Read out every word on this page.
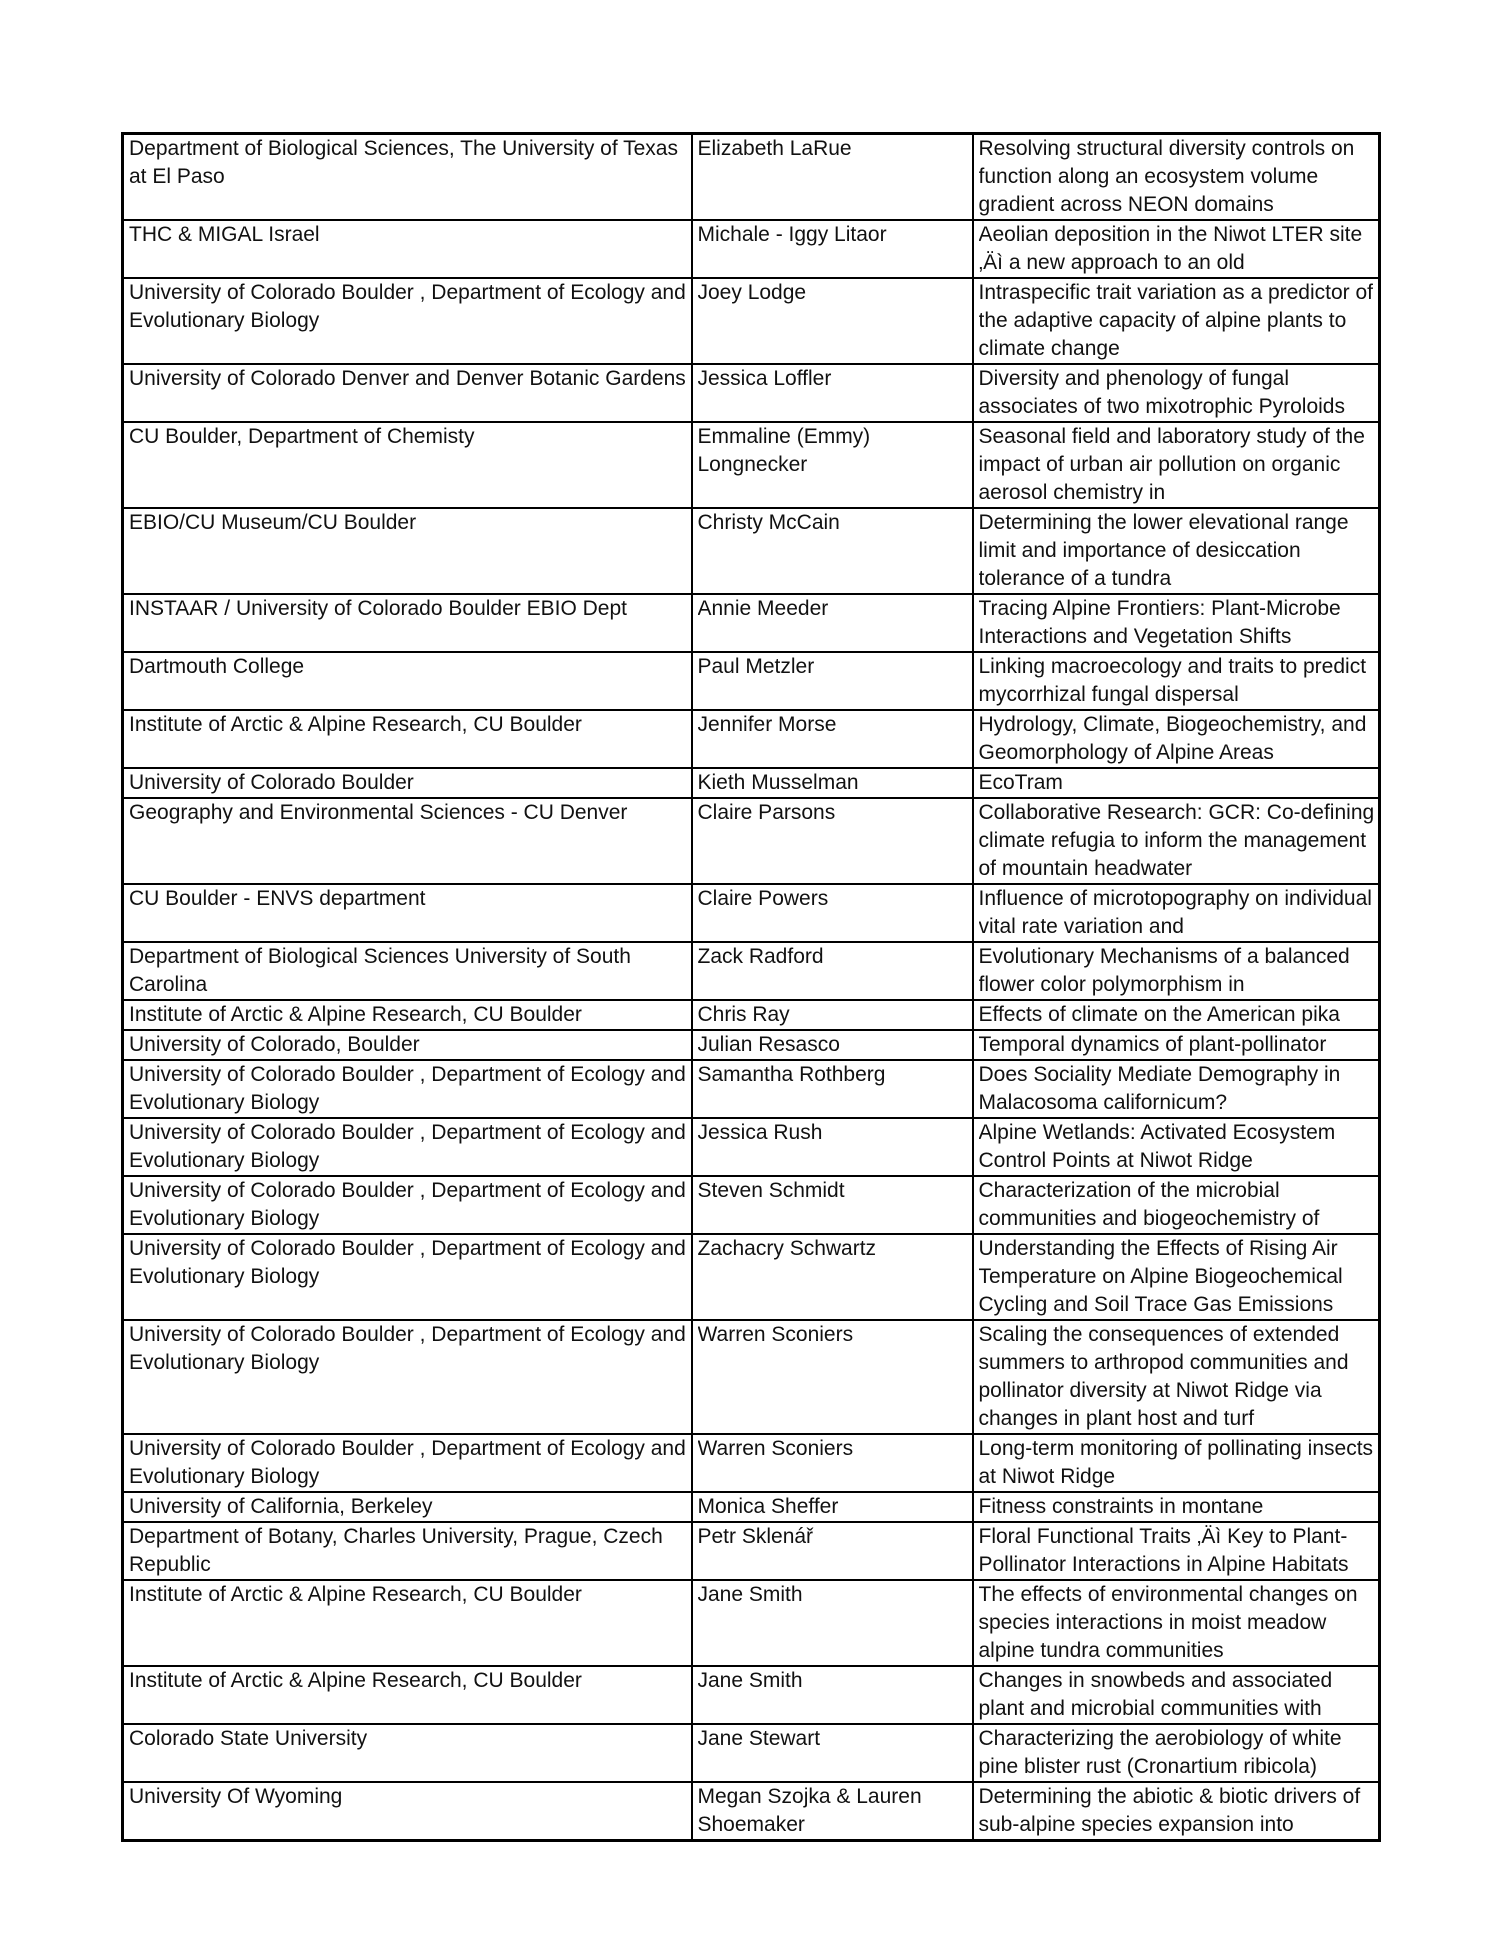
Department of Biological Sciences, The University of Texas at El Paso	Elizabeth LaRue	Resolving structural diversity controls on function along an ecosystem volume gradient across NEON domains

THC & MIGAL Israel	Michale - Iggy Litaor	Aeolian deposition in the Niwot LTER site ‚Äì a new approach to an old

University of Colorado Boulder , Department of Ecology and Evolutionary Biology	Joey Lodge	Intraspecific trait variation as a predictor of the adaptive capacity of alpine plants to climate change

University of Colorado Denver and Denver Botanic Gardens	Jessica Loffler	Diversity and phenology of fungal associates of two mixotrophic Pyroloids

CU Boulder, Department of Chemisty	Emmaline (Emmy) Longnecker	Seasonal field and laboratory study of the impact of urban air pollution on organic aerosol chemistry in

EBIO/CU Museum/CU Boulder	Christy McCain	Determining the lower elevational range limit and importance of desiccation tolerance of a tundra

INSTAAR / University of Colorado Boulder EBIO Dept	Annie Meeder	Tracing Alpine Frontiers: Plant-Microbe Interactions and Vegetation Shifts

Dartmouth College	Paul Metzler	Linking macroecology and traits to predict mycorrhizal fungal dispersal

Institute of Arctic & Alpine Research, CU Boulder	Jennifer Morse	Hydrology, Climate, Biogeochemistry, and Geomorphology of Alpine Areas

University of Colorado Boulder	Kieth Musselman	EcoTram

Geography and Environmental Sciences - CU Denver	Claire Parsons	Collaborative Research: GCR: Co-defining climate refugia to inform the management of mountain headwater

CU Boulder - ENVS department	Claire Powers	Influence of microtopography on individual vital rate variation and

Department of Biological Sciences University of South Carolina	Zack Radford	Evolutionary Mechanisms of a balanced flower color polymorphism in

Institute of Arctic & Alpine Research, CU Boulder	Chris Ray	Effects of climate on the American pika

University of Colorado, Boulder	Julian Resasco	Temporal dynamics of plant-pollinator

University of Colorado Boulder , Department of Ecology and Evolutionary Biology	Samantha Rothberg	Does Sociality Mediate Demography in Malacosoma californicum?

University of Colorado Boulder , Department of Ecology and Evolutionary Biology	Jessica Rush	Alpine Wetlands: Activated Ecosystem Control Points at Niwot Ridge

University of Colorado Boulder , Department of Ecology and Evolutionary Biology	Steven Schmidt	Characterization of the microbial communities and biogeochemistry of

University of Colorado Boulder , Department of Ecology and Evolutionary Biology	Zachacry Schwartz	Understanding the Effects of Rising Air Temperature on Alpine Biogeochemical Cycling and Soil Trace Gas Emissions

University of Colorado Boulder , Department of Ecology and Evolutionary Biology	Warren Sconiers	Scaling the consequences of extended summers to arthropod communities and pollinator diversity at Niwot Ridge via changes in plant host and turf

University of Colorado Boulder , Department of Ecology and Evolutionary Biology	Warren Sconiers	Long-term monitoring of pollinating insects at Niwot Ridge

University of California, Berkeley	Monica Sheffer	Fitness constraints in montane

Department of Botany, Charles University, Prague, Czech Republic	Petr Sklenář	Floral Functional Traits ‚Äì Key to Plant-Pollinator Interactions in Alpine Habitats

Institute of Arctic & Alpine Research, CU Boulder	Jane Smith	The effects of environmental changes on species interactions in moist meadow alpine tundra communities

Institute of Arctic & Alpine Research, CU Boulder	Jane Smith	Changes in snowbeds and associated plant and microbial communities with

Colorado State University	Jane Stewart	Characterizing the aerobiology of white pine blister rust (Cronartium ribicola)

University Of Wyoming	Megan Szojka & Lauren Shoemaker	Determining the abiotic & biotic drivers of sub-alpine species expansion into
